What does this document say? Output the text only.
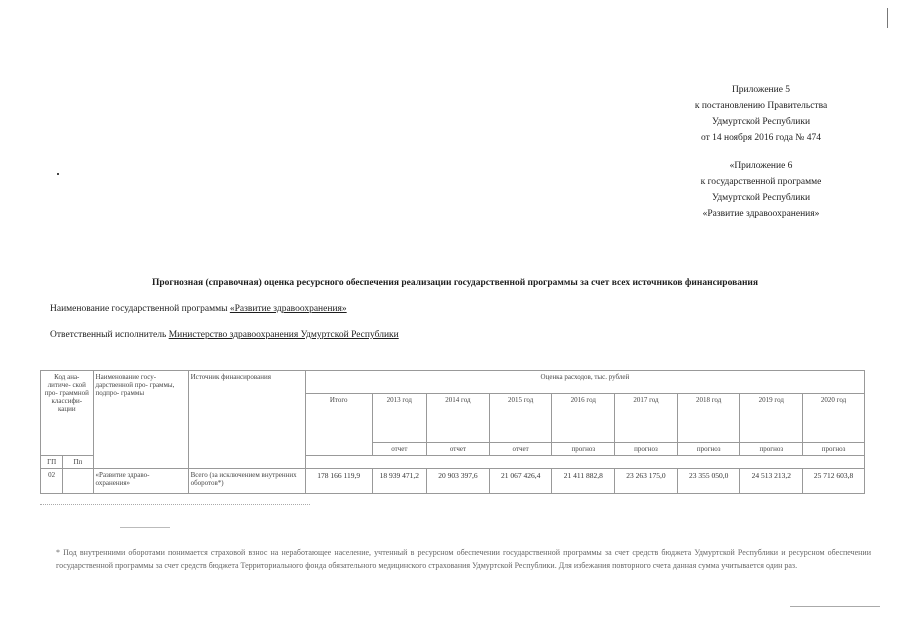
Приложение 5
к постановлению Правительства
Удмуртской Республики
от 14 ноября 2016 года № 474
«Приложение 6
к государственной программе
Удмуртской Республики
«Развитие здравоохранения»
Прогнозная (справочная) оценка ресурсного обеспечения реализации государственной программы за счет всех источников финансирования
Наименование государственной программы «Развитие здравоохранения»
Ответственный исполнитель Министерство здравоохранения Удмуртской Республики
Код ана- литиче- ской про- граммной классифи- кации		Наименование госу- дарственной про- граммы, подпро- граммы	Источник финансирования	Оценка расходов, тыс. рублей								
				Итого	2013 год	2014 год	2015 год	2016 год	2017 год	2018 год	2019 год	2020 год
					отчет	отчет	отчет	прогноз	прогноз	прогноз	прогноз	прогноз
ГП	Пп											
02		«Развитие здраво- охранения»	Всего (за исключением внутренних оборотов*)	178 166 119,9	18 939 471,2	20 903 397,6	21 067 426,4	21 411 882,8	23 263 175,0	23 355 050,0	24 513 213,2	25 712 603,8
* Под внутренними оборотами понимается страховой взнос на неработающее население, учтенный в ресурсном обеспечении государственной программы за счет средств бюджета Удмуртской Республики и ресурсном обеспечении государственной программы за счет средств бюджета Территориального фонда обязательного медицинского страхования Удмуртской Республики. Для избежания повторного счета данная сумма учитывается один раз.
